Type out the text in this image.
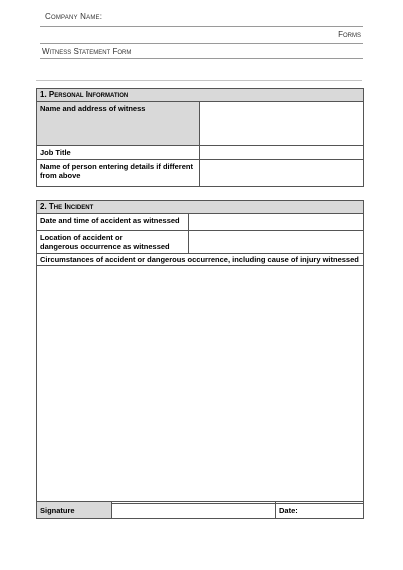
Company Name:
Forms
Witness Statement Form
1. Personal Information	
Name and address of witness	
Job Title	
Name of person entering details if different
from above	
2. The Incident	
Date and time of accident as witnessed	
Location of accident or
dangerous occurrence as witnessed	
Circumstances of accident or dangerous occurrence, including cause of injury witnessed	

Signature		Date:
